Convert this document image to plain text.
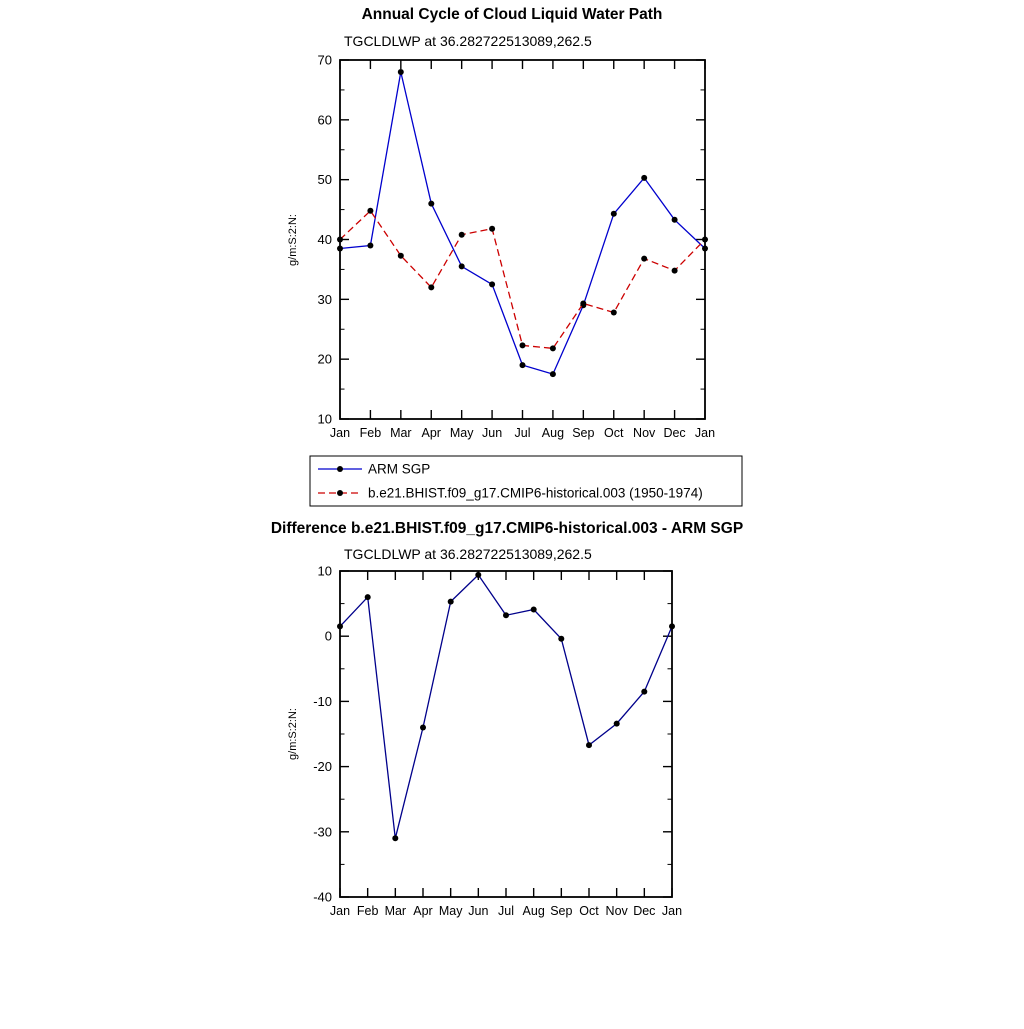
Annual Cycle of Cloud Liquid Water Path
TGCLDLWP at 36.282722513089,262.5
g/m:S:2:N:
10
20
30
40
50
60
70
Jan Feb Mar Apr May Jun Jul Aug Sep Oct Nov Dec Jan
ARM SGP
b.e21.BHIST.f09_g17.CMIP6-historical.003 (1950-1974)
Difference b.e21.BHIST.f09_g17.CMIP6-historical.003 - ARM SGP
TGCLDLWP at 36.282722513089,262.5
g/m:S:2:N:
-40
-30
-20
-10
0
10
Jan Feb Mar Apr May Jun Jul Aug Sep Oct Nov Dec Jan
